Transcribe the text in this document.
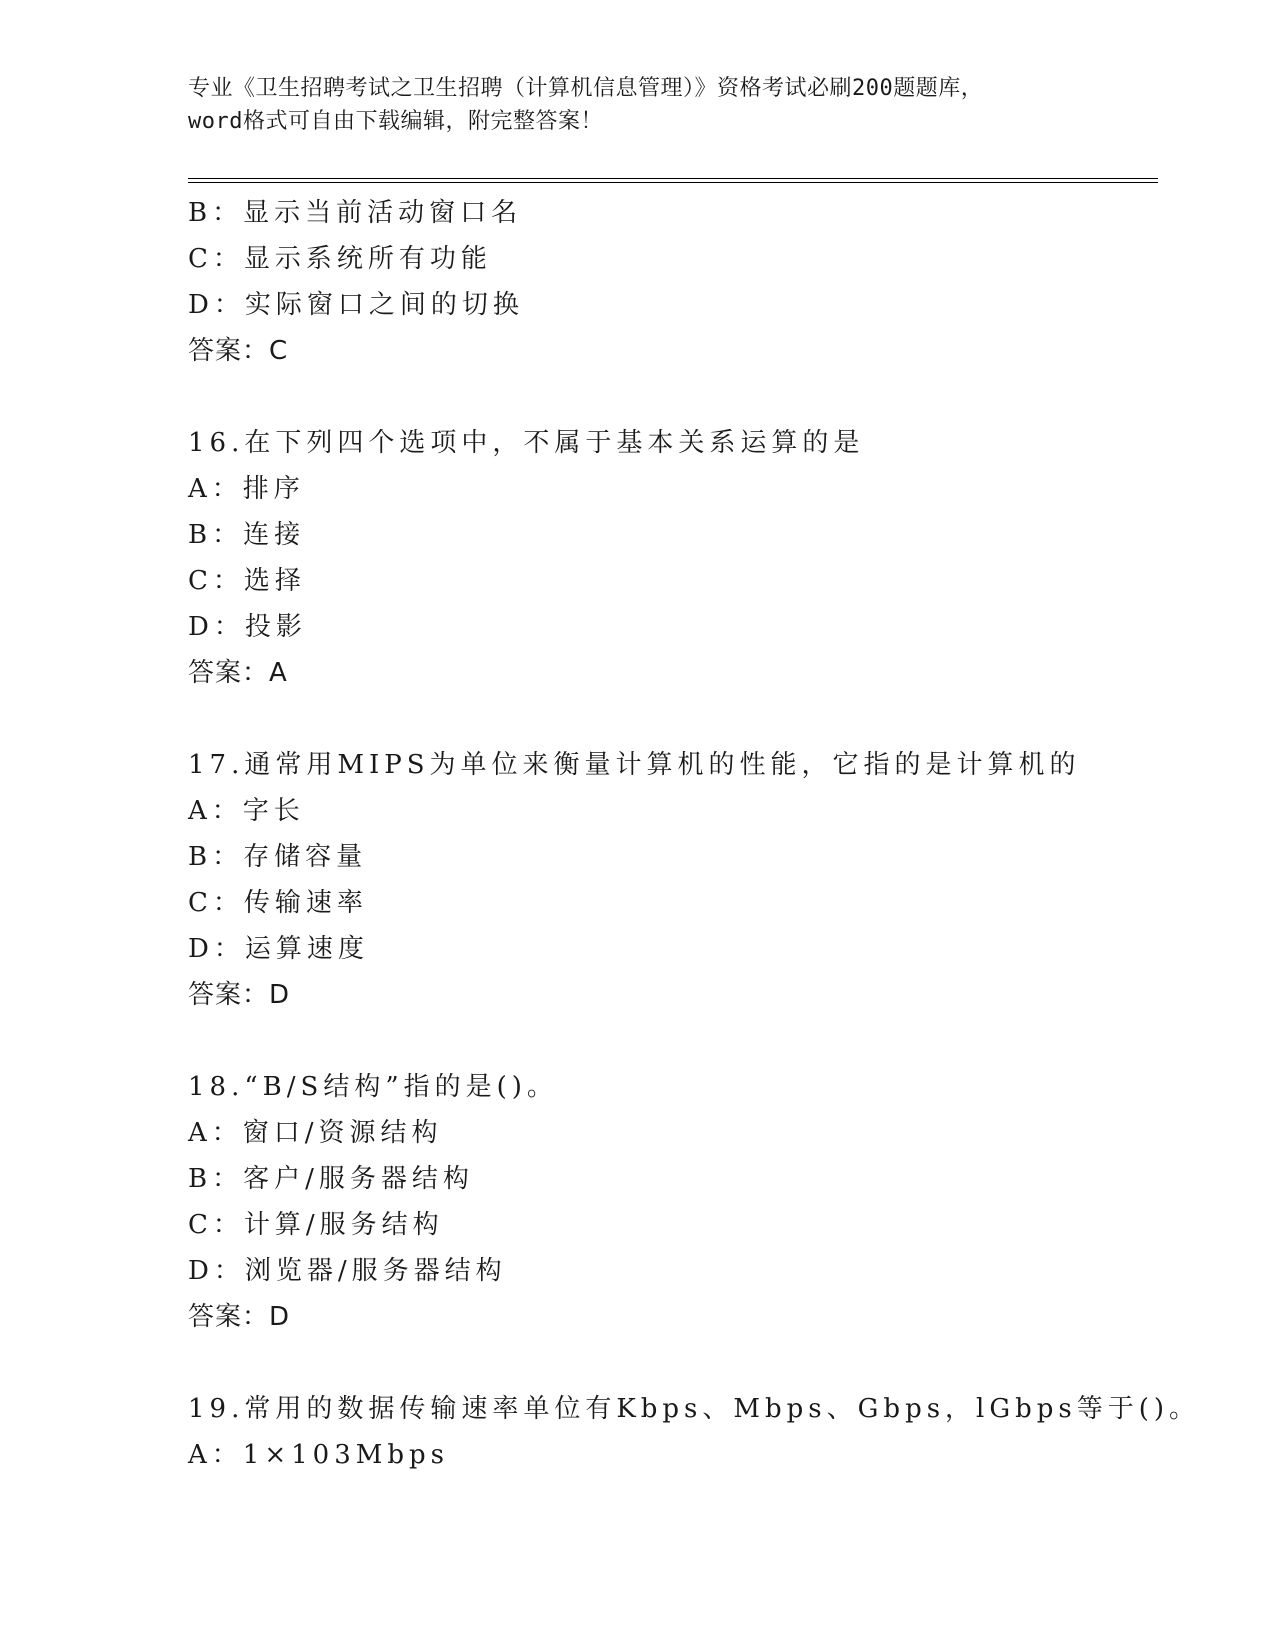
专业《卫生招聘考试之卫生招聘（计算机信息管理）》资格考试必刷200题题库，
word格式可自由下载编辑，附完整答案！
B：显示当前活动窗口名
C：显示系统所有功能
D：实际窗口之间的切换
答案：C
16.在下列四个选项中，不属于基本关系运算的是
A：排序
B：连接
C：选择
D：投影
答案：A
17.通常用MIPS为单位来衡量计算机的性能，它指的是计算机的
A：字长
B：存储容量
C：传输速率
D：运算速度
答案：D
18.“B/S结构”指的是()。
A：窗口/资源结构
B：客户/服务器结构
C：计算/服务结构
D：浏览器/服务器结构
答案：D
19.常用的数据传输速率单位有Kbps、Mbps、Gbps，lGbps等于()。
A：1×103Mbps
